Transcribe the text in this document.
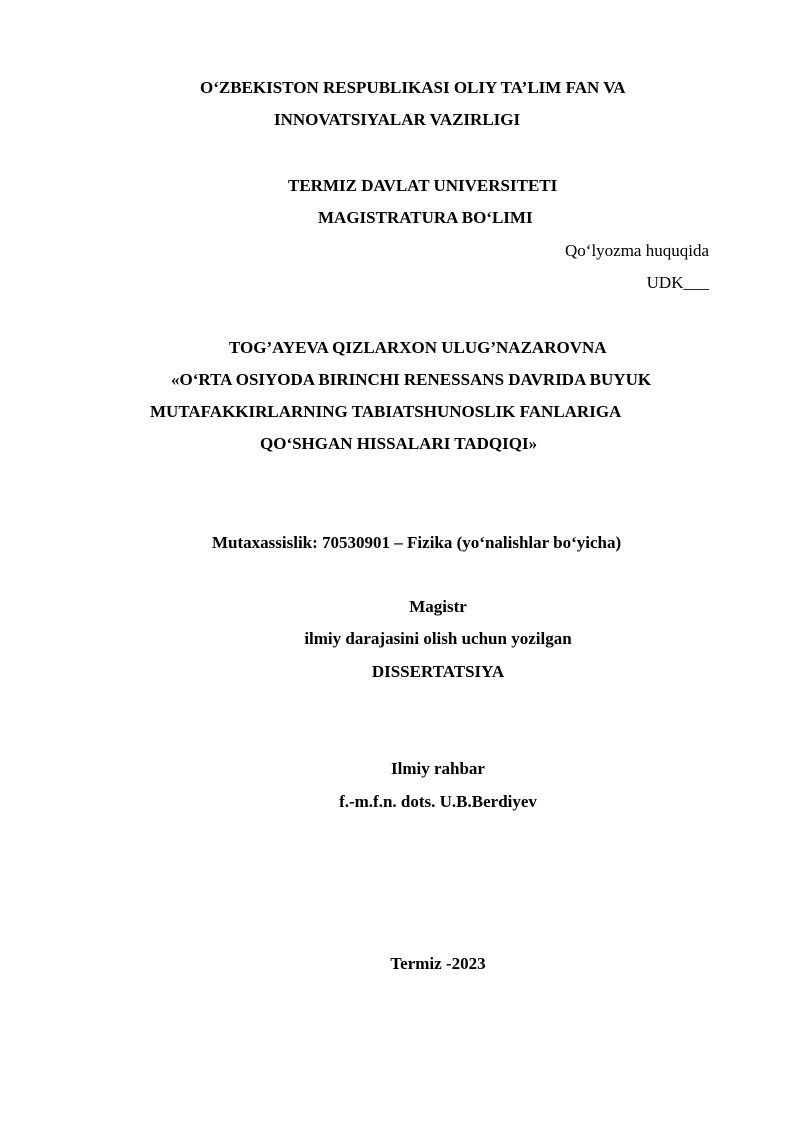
O‘ZBEKISTON RESPUBLIKASI OLIY TA’LIM FAN VA
INNOVATSIYALAR VAZIRLIGI
TERMIZ DAVLAT UNIVERSITETI
MAGISTRATURA BO‘LIMI
Qo‘lyozma huquqida
UDK___
TOG’AYEVA QIZLARXON ULUG’NAZAROVNA
«O‘RTA OSIYODA BIRINCHI RENESSANS DAVRIDA BUYUK
MUTAFAKKIRLARNING TABIATSHUNOSLIK FANLARIGA
QO‘SHGAN HISSALARI TADQIQI»
Mutaxassislik: 70530901 – Fizika (yo‘nalishlar bo‘yicha)
Magistr
ilmiy darajasini olish uchun yozilgan
DISSERTATSIYA
Ilmiy rahbar
f.-m.f.n. dots. U.B.Berdiyev
Termiz -2023
